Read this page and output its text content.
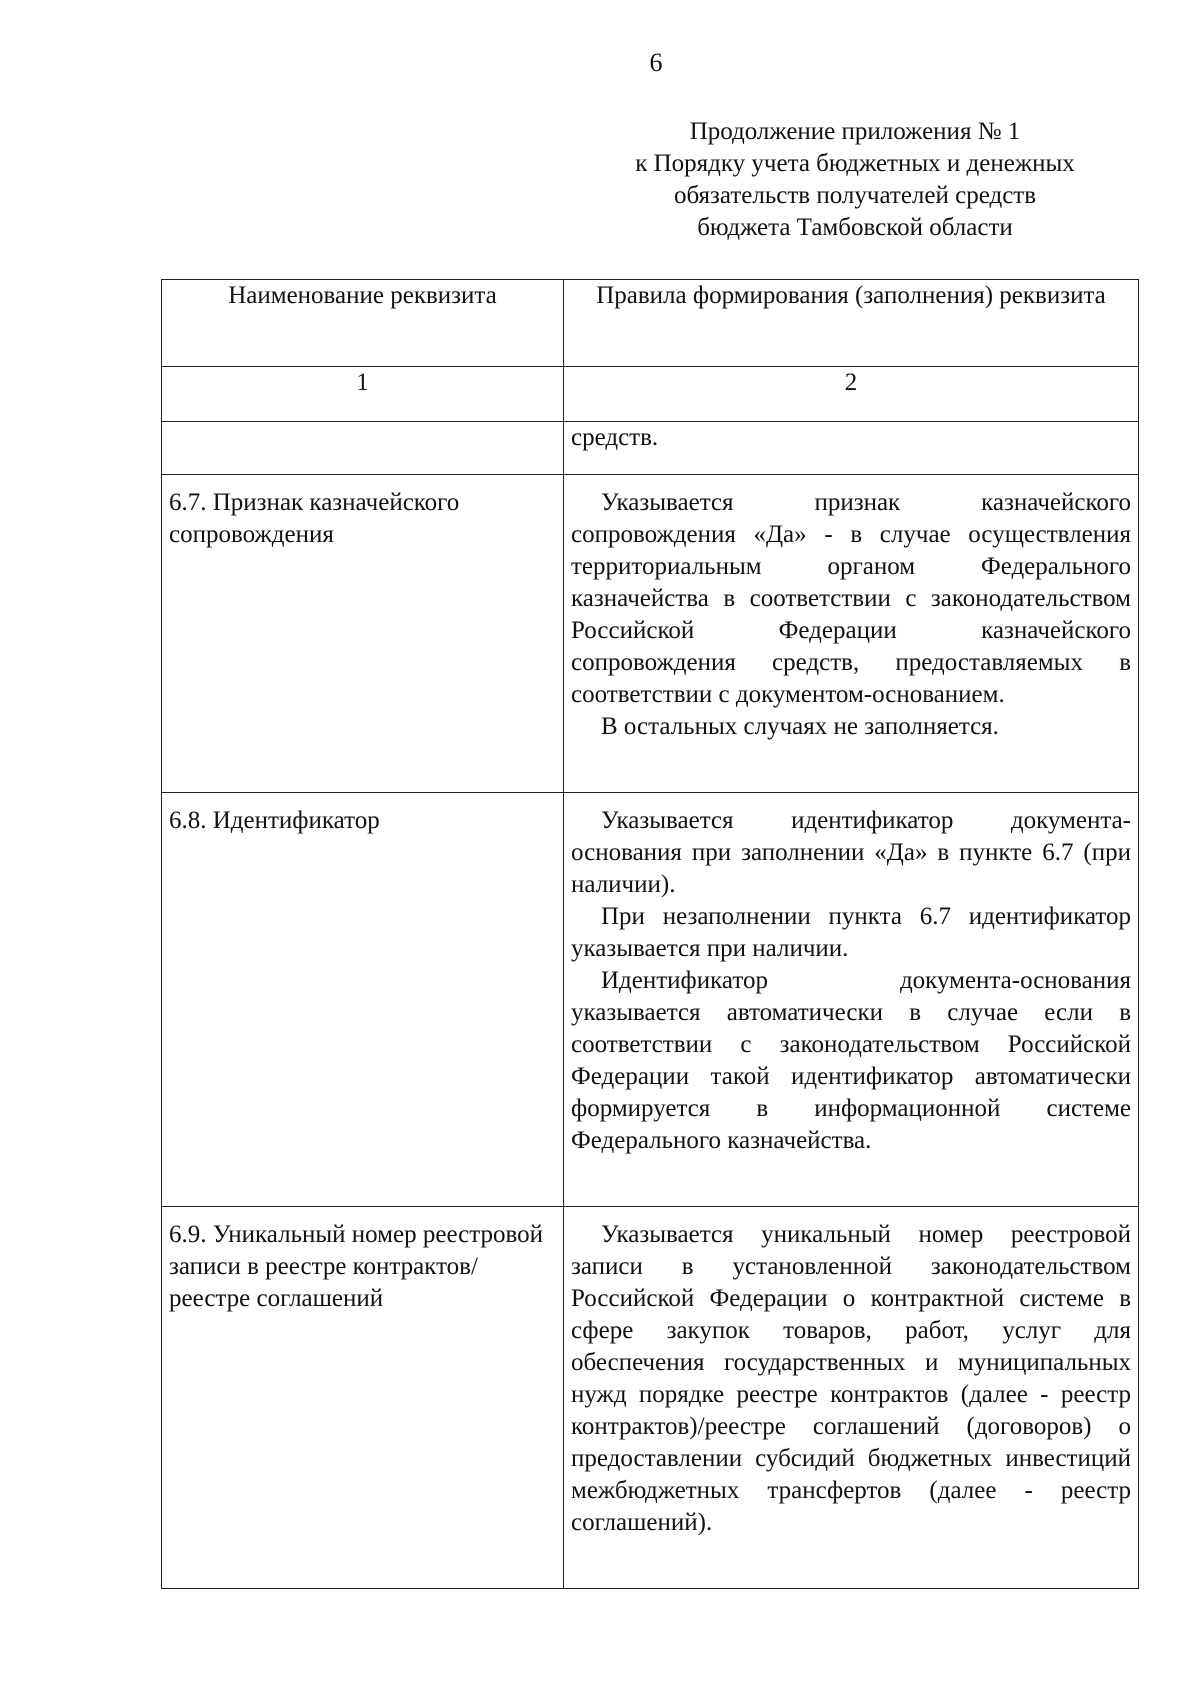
6
Продолжение приложения № 1
к Порядку учета бюджетных и денежных
обязательств получателей средств
бюджета Тамбовской области
Наименование реквизита	Правила формирования (заполнения) реквизита
1	2
	средств.
6.7. Признак казначейского сопровождения	Указывается признак казначейского сопровождения «Да» - в случае осуществления территориальным органом Федерального казначейства в соответствии с законодательством Российской Федерации казначейского сопровождения средств, предоставляемых в соответствии с документом-основанием.

В остальных случаях не заполняется.

6.8. Идентификатор	Указывается идентификатор документа-основания при заполнении «Да» в пункте 6.7 (при наличии).

При незаполнении пункта 6.7 идентификатор указывается при наличии.

Идентификатор документа-основания указывается автоматически в случае если в соответствии с законодательством Российской Федерации такой идентификатор автоматически формируется в информационной системе Федерального казначейства.

6.9. Уникальный номер реестровой записи в реестре контрактов/реестре соглашений	Указывается уникальный номер реестровой записи в установленной законодательством Российской Федерации о контрактной системе в сфере закупок товаров, работ, услуг для обеспечения государственных и муниципальных нужд порядке реестре контрактов (далее - реестр контрактов)/реестре соглашений (договоров) о предоставлении субсидий бюджетных инвестиций межбюджетных трансфертов (далее - реестр соглашений).
